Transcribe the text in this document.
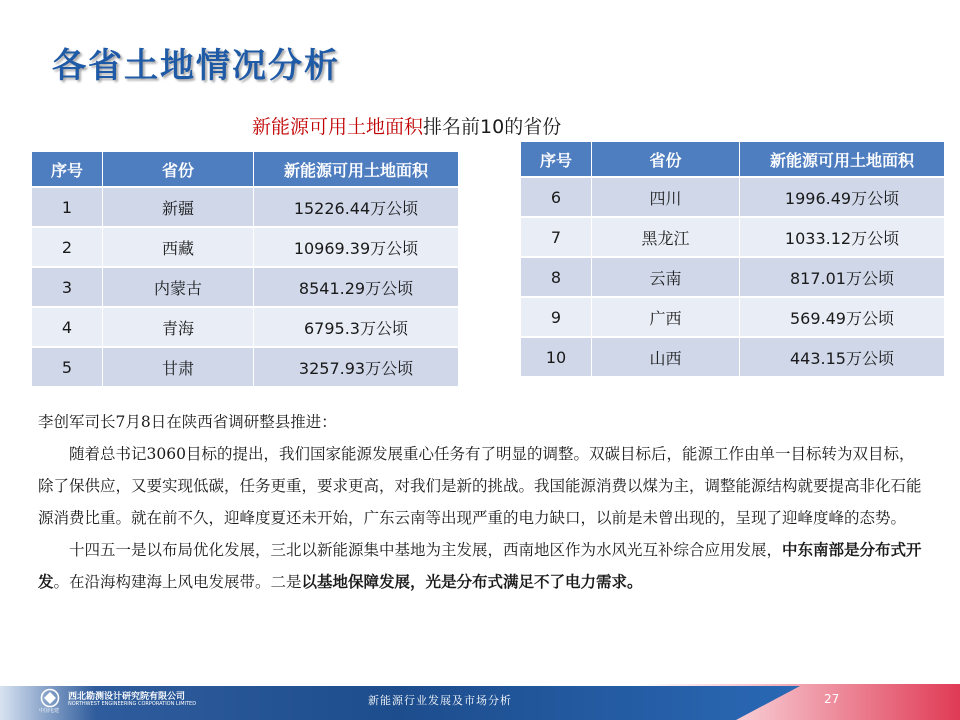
各省土地情况分析
新能源可用土地面积排名前10的省份
序号	省份	新能源可用土地面积
1	新疆	15226.44万公顷
2	西藏	10969.39万公顷
3	内蒙古	8541.29万公顷
4	青海	6795.3万公顷
5	甘肃	3257.93万公顷
序号	省份	新能源可用土地面积
6	四川	1996.49万公顷
7	黑龙江	1033.12万公顷
8	云南	817.01万公顷
9	广西	569.49万公顷
10	山西	443.15万公顷

李创军司长7月8日在陕西省调研整县推进：

随着总书记3060目标的提出，我们国家能源发展重心任务有了明显的调整。双碳目标后，能源工作由单一目标转为双目标，除了保供应，又要实现低碳，任务更重，要求更高，对我们是新的挑战。我国能源消费以煤为主，调整能源结构就要提高非化石能源消费比重。就在前不久，迎峰度夏还未开始，广东云南等出现严重的电力缺口，以前是未曾出现的，呈现了迎峰度峰的态势。

十四五一是以布局优化发展，三北以新能源集中基地为主发展，西南地区作为水风光互补综合应用发展，中东南部是分布式开发。在沿海构建海上风电发展带。二是以基地保障发展，光是分布式满足不了电力需求。

中国电建
西北勘测设计研究院有限公司
NORTHWEST ENGINEERING CORPORATION LIMITED	新能源行业发展及市场分析	27
